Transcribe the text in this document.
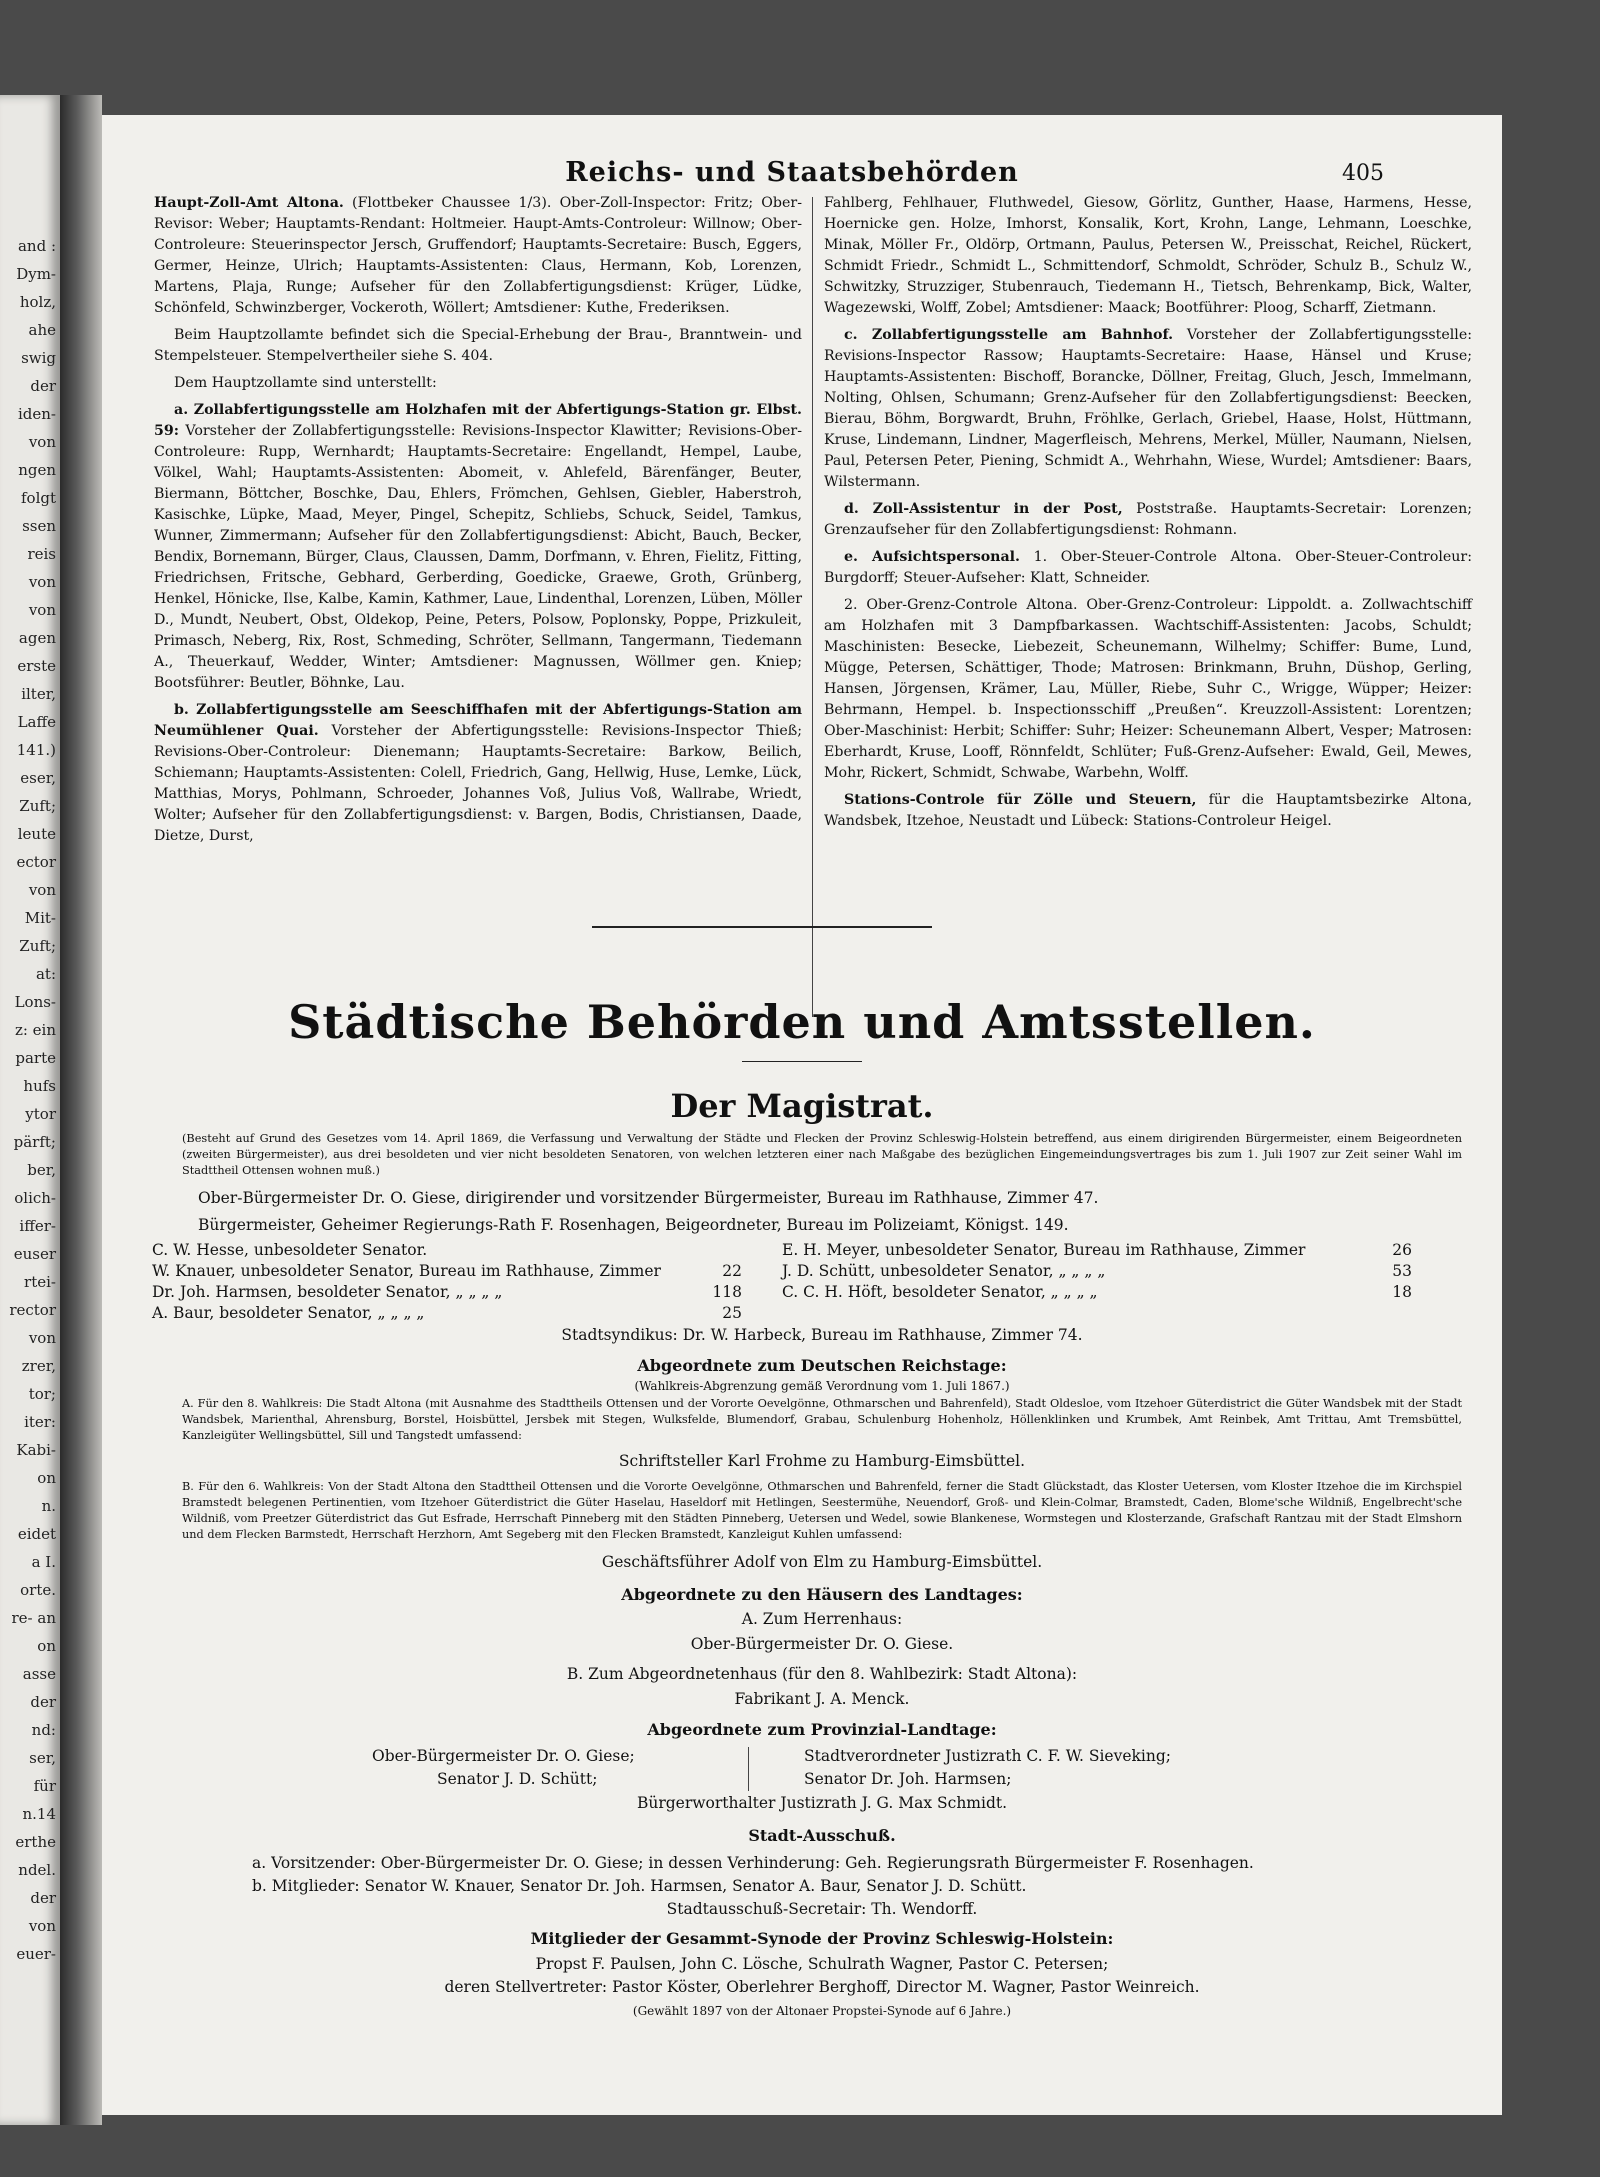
and :
Dym-
holz,
ahe
swig
der
iden-
von
ngen
folgt
ssen
reis
von
von
agen
erste
ilter,
Laffe
141.)
eser,
Zuft;
leute
ector
von
Mit-
Zuft;
at:
Lons-
z: ein
parte
hufs
ytor
pärft;
ber,
olich-
iffer-
euser
rtei-
rector
von
zrer,
tor;
iter:
Kabi-
on
n.
eidet
a I.
orte.
re- an
on
asse
der
nd:
ser,
für
n.14
erthe
ndel.
der
von
euer-
Reichs- und Staatsbehörden	405

Haupt-Zoll-Amt Altona. (Flottbeker Chaussee 1/3). Ober-Zoll-Inspector: Fritz; Ober-Revisor: Weber; Hauptamts-Rendant: Holtmeier. Haupt-Amts-Controleur: Willnow; Ober-Controleure: Steuerinspector Jersch, Gruffendorf; Hauptamts-Secretaire: Busch, Eggers, Germer, Heinze, Ulrich; Hauptamts-Assistenten: Claus, Hermann, Kob, Lorenzen, Martens, Plaja, Runge; Aufseher für den Zollabfertigungsdienst: Krüger, Lüdke, Schönfeld, Schwinzberger, Vockeroth, Wöllert; Amtsdiener: Kuthe, Frederiksen.

Beim Hauptzollamte befindet sich die Special-Erhebung der Brau-, Branntwein- und Stempelsteuer. Stempelvertheiler siehe S. 404.

Dem Hauptzollamte sind unterstellt:

a. Zollabfertigungsstelle am Holzhafen mit der Abfertigungs-Station gr. Elbst. 59: Vorsteher der Zollabfertigungsstelle: Revisions-Inspector Klawitter; Revisions-Ober-Controleure: Rupp, Wernhardt; Hauptamts-Secretaire: Engellandt, Hempel, Laube, Völkel, Wahl; Hauptamts-Assistenten: Abomeit, v. Ahlefeld, Bärenfänger, Beuter, Biermann, Böttcher, Boschke, Dau, Ehlers, Frömchen, Gehlsen, Giebler, Haberstroh, Kasischke, Lüpke, Maad, Meyer, Pingel, Schepitz, Schliebs, Schuck, Seidel, Tamkus, Wunner, Zimmermann; Aufseher für den Zollabfertigungsdienst: Abicht, Bauch, Becker, Bendix, Bornemann, Bürger, Claus, Claussen, Damm, Dorfmann, v. Ehren, Fielitz, Fitting, Friedrichsen, Fritsche, Gebhard, Gerberding, Goedicke, Graewe, Groth, Grünberg, Henkel, Hönicke, Ilse, Kalbe, Kamin, Kathmer, Laue, Lindenthal, Lorenzen, Lüben, Möller D., Mundt, Neubert, Obst, Oldekop, Peine, Peters, Polsow, Poplonsky, Poppe, Prizkuleit, Primasch, Neberg, Rix, Rost, Schmeding, Schröter, Sellmann, Tangermann, Tiedemann A., Theuerkauf, Wedder, Winter; Amtsdiener: Magnussen, Wöllmer gen. Kniep; Bootsführer: Beutler, Böhnke, Lau.

b. Zollabfertigungsstelle am Seeschiffhafen mit der Abfertigungs-Station am Neumühlener Quai. Vorsteher der Abfertigungsstelle: Revisions-Inspector Thieß; Revisions-Ober-Controleur: Dienemann; Hauptamts-Secretaire: Barkow, Beilich, Schiemann; Hauptamts-Assistenten: Colell, Friedrich, Gang, Hellwig, Huse, Lemke, Lück, Matthias, Morys, Pohlmann, Schroeder, Johannes Voß, Julius Voß, Wallrabe, Wriedt, Wolter; Aufseher für den Zollabfertigungsdienst: v. Bargen, Bodis, Christiansen, Daade, Dietze, Durst,

Fahlberg, Fehlhauer, Fluthwedel, Giesow, Görlitz, Gunther, Haase, Harmens, Hesse, Hoernicke gen. Holze, Imhorst, Konsalik, Kort, Krohn, Lange, Lehmann, Loeschke, Minak, Möller Fr., Oldörp, Ortmann, Paulus, Petersen W., Preisschat, Reichel, Rückert, Schmidt Friedr., Schmidt L., Schmittendorf, Schmoldt, Schröder, Schulz B., Schulz W., Schwitzky, Struzziger, Stubenrauch, Tiedemann H., Tietsch, Behrenkamp, Bick, Walter, Wagezewski, Wolff, Zobel; Amtsdiener: Maack; Bootführer: Ploog, Scharff, Zietmann.

c. Zollabfertigungsstelle am Bahnhof. Vorsteher der Zollabfertigungsstelle: Revisions-Inspector Rassow; Hauptamts-Secretaire: Haase, Hänsel und Kruse; Hauptamts-Assistenten: Bischoff, Borancke, Döllner, Freitag, Gluch, Jesch, Immelmann, Nolting, Ohlsen, Schumann; Grenz-Aufseher für den Zollabfertigungsdienst: Beecken, Bierau, Böhm, Borgwardt, Bruhn, Fröhlke, Gerlach, Griebel, Haase, Holst, Hüttmann, Kruse, Lindemann, Lindner, Magerfleisch, Mehrens, Merkel, Müller, Naumann, Nielsen, Paul, Petersen Peter, Piening, Schmidt A., Wehrhahn, Wiese, Wurdel; Amtsdiener: Baars, Wilstermann.

d. Zoll-Assistentur in der Post, Poststraße. Hauptamts-Secretair: Lorenzen; Grenzaufseher für den Zollabfertigungsdienst: Rohmann.

e. Aufsichtspersonal. 1. Ober-Steuer-Controle Altona. Ober-Steuer-Controleur: Burgdorff; Steuer-Aufseher: Klatt, Schneider.

2. Ober-Grenz-Controle Altona. Ober-Grenz-Controleur: Lippoldt. a. Zollwachtschiff am Holzhafen mit 3 Dampfbarkassen. Wachtschiff-Assistenten: Jacobs, Schuldt; Maschinisten: Besecke, Liebezeit, Scheunemann, Wilhelmy; Schiffer: Bume, Lund, Mügge, Petersen, Schättiger, Thode; Matrosen: Brinkmann, Bruhn, Düshop, Gerling, Hansen, Jörgensen, Krämer, Lau, Müller, Riebe, Suhr C., Wrigge, Wüpper; Heizer: Behrmann, Hempel. b. Inspectionsschiff „Preußen“. Kreuzzoll-Assistent: Lorentzen; Ober-Maschinist: Herbit; Schiffer: Suhr; Heizer: Scheunemann Albert, Vesper; Matrosen: Eberhardt, Kruse, Looff, Rönnfeldt, Schlüter; Fuß-Grenz-Aufseher: Ewald, Geil, Mewes, Mohr, Rickert, Schmidt, Schwabe, Warbehn, Wolff.

Stations-Controle für Zölle und Steuern, für die Hauptamtsbezirke Altona, Wandsbek, Itzehoe, Neustadt und Lübeck: Stations-Controleur Heigel.

Städtische Behörden und Amtsstellen.
Der Magistrat.
(Besteht auf Grund des Gesetzes vom 14. April 1869, die Verfassung und Verwaltung der Städte und Flecken der Provinz Schleswig-Holstein betreffend, aus einem dirigirenden Bürgermeister, einem Beigeordneten (zweiten Bürgermeister), aus drei besoldeten und vier nicht besoldeten Senatoren, von welchen letzteren einer nach Maßgabe des bezüglichen Eingemeindungsvertrages bis zum 1. Juli 1907 zur Zeit seiner Wahl im Stadttheil Ottensen wohnen muß.)
Ober-Bürgermeister Dr. O. Giese, dirigirender und vorsitzender Bürgermeister, Bureau im Rathhause, Zimmer 47.
Bürgermeister, Geheimer Regierungs-Rath F. Rosenhagen, Beigeordneter, Bureau im Polizeiamt, Königst. 149.
Stadtsyndikus: Dr. W. Harbeck, Bureau im Rathhause, Zimmer 74.
Abgeordnete zum Deutschen Reichstage:
(Wahlkreis-Abgrenzung gemäß Verordnung vom 1. Juli 1867.)
A. Für den 8. Wahlkreis: Die Stadt Altona (mit Ausnahme des Stadttheils Ottensen und der Vororte Oevelgönne, Othmarschen und Bahrenfeld), Stadt Oldesloe, vom Itzehoer Güterdistrict die Güter Wandsbek mit der Stadt Wandsbek, Marienthal, Ahrensburg, Borstel, Hoisbüttel, Jersbek mit Stegen, Wulksfelde, Blumendorf, Grabau, Schulenburg Hohenholz, Höllenklinken und Krumbek, Amt Reinbek, Amt Trittau, Amt Tremsbüttel, Kanzleigüter Wellingsbüttel, Sill und Tangstedt umfassend:
Schriftsteller Karl Frohme zu Hamburg-Eimsbüttel.
B. Für den 6. Wahlkreis: Von der Stadt Altona den Stadttheil Ottensen und die Vororte Oevelgönne, Othmarschen und Bahrenfeld, ferner die Stadt Glückstadt, das Kloster Uetersen, vom Kloster Itzehoe die im Kirchspiel Bramstedt belegenen Pertinentien, vom Itzehoer Güterdistrict die Güter Haselau, Haseldorf mit Hetlingen, Seestermühe, Neuendorf, Groß- und Klein-Colmar, Bramstedt, Caden, Blome'sche Wildniß, Engelbrecht'sche Wildniß, vom Preetzer Güterdistrict das Gut Esfrade, Herrschaft Pinneberg mit den Städten Pinneberg, Uetersen und Wedel, sowie Blankenese, Wormstegen und Klosterzande, Grafschaft Rantzau mit der Stadt Elmshorn und dem Flecken Barmstedt, Herrschaft Herzhorn, Amt Segeberg mit den Flecken Bramstedt, Kanzleigut Kuhlen umfassend:
Geschäftsführer Adolf von Elm zu Hamburg-Eimsbüttel.
Abgeordnete zu den Häusern des Landtages:
A. Zum Herrenhaus:
Ober-Bürgermeister Dr. O. Giese.
B. Zum Abgeordnetenhaus (für den 8. Wahlbezirk: Stadt Altona):
Fabrikant J. A. Menck.
Abgeordnete zum Provinzial-Landtage:
Ober-Bürgermeister Dr. O. Giese;
Senator J. D. Schütt;
Stadtverordneter Justizrath C. F. W. Sieveking;
Senator Dr. Joh. Harmsen;
Bürgerworthalter Justizrath J. G. Max Schmidt.
Stadt-Ausschuß.
a. Vorsitzender: Ober-Bürgermeister Dr. O. Giese; in dessen Verhinderung: Geh. Regierungsrath Bürgermeister F. Rosenhagen.
b. Mitglieder: Senator W. Knauer, Senator Dr. Joh. Harmsen, Senator A. Baur, Senator J. D. Schütt.
Stadtausschuß-Secretair: Th. Wendorff.
Mitglieder der Gesammt-Synode der Provinz Schleswig-Holstein:
Propst F. Paulsen, John C. Lösche, Schulrath Wagner, Pastor C. Petersen;
deren Stellvertreter: Pastor Köster, Oberlehrer Berghoff, Director M. Wagner, Pastor Weinreich.
(Gewählt 1897 von der Altonaer Propstei-Synode auf 6 Jahre.)
C. W. Hesse, unbesoldeter Senator.
W. Knauer, unbesoldeter Senator, Bureau im Rathhause, Zimmer	22
Dr. Joh. Harmsen, besoldeter Senator, „ „ „ „	118
A. Baur, besoldeter Senator, „ „ „ „	25
E. H. Meyer, unbesoldeter Senator, Bureau im Rathhause, Zimmer	26
J. D. Schütt, unbesoldeter Senator, „ „ „ „	53
C. C. H. Höft, besoldeter Senator, „ „ „ „	18
